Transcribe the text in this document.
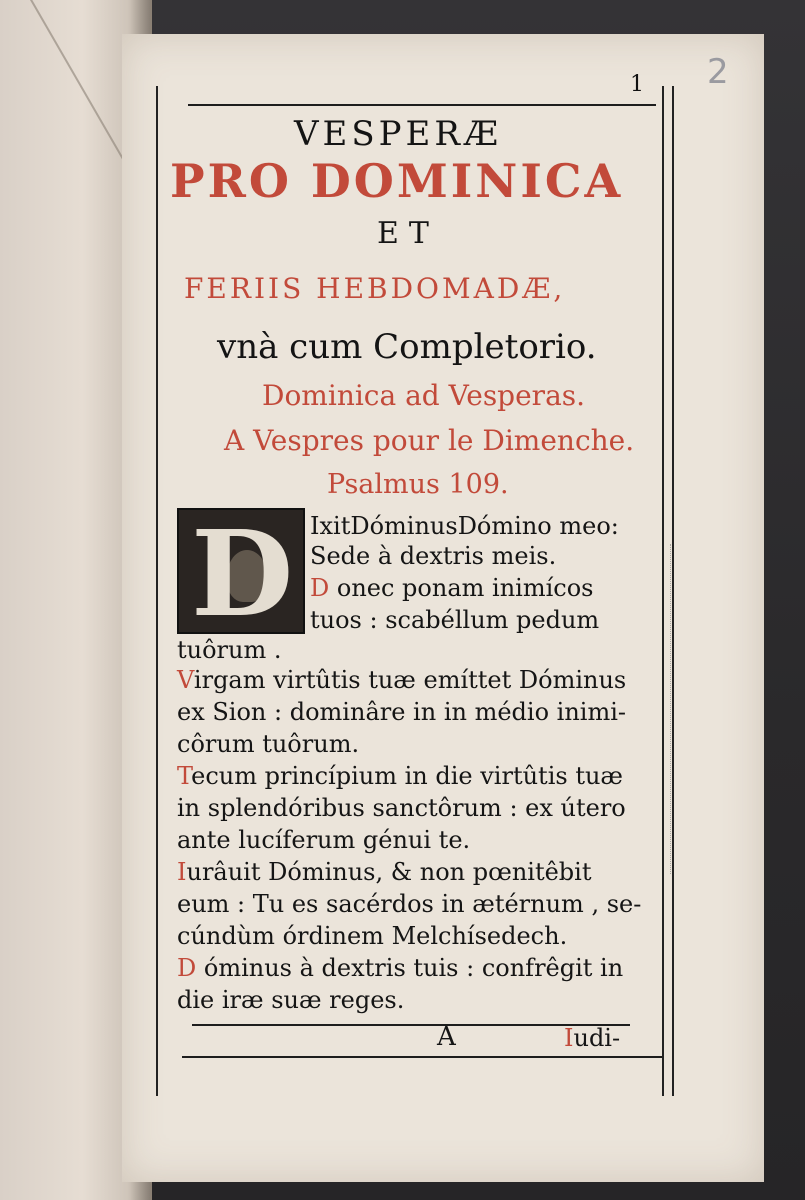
1 2
VESPERÆ
PRO DOMINICA
ET
FERIIS HEBDOMADÆ,
vnà cum Completorio.
Dominica ad Vesperas.
A Vespres pour le Dimenche.
Psalmus 109.
D IxitDóminusDómino meo:
Sede à dextris meis.
D onec ponam inimícos
tuos : scabéllum pedum
tuôrum .
Virgam virtûtis tuæ emíttet Dóminus
ex Sion : dominâre in in médio inimi-
côrum tuôrum.
Tecum princípium in die virtûtis tuæ
in splendóribus sanctôrum : ex útero
ante lucíferum génui te.
Iurâuit Dóminus, & non pœnitêbit
eum : Tu es sacérdos in ætérnum , se-
cúndùm órdinem Melchísedech.
D óminus à dextris tuis : confrêgit in
die iræ suæ reges.
A	Iudi-
